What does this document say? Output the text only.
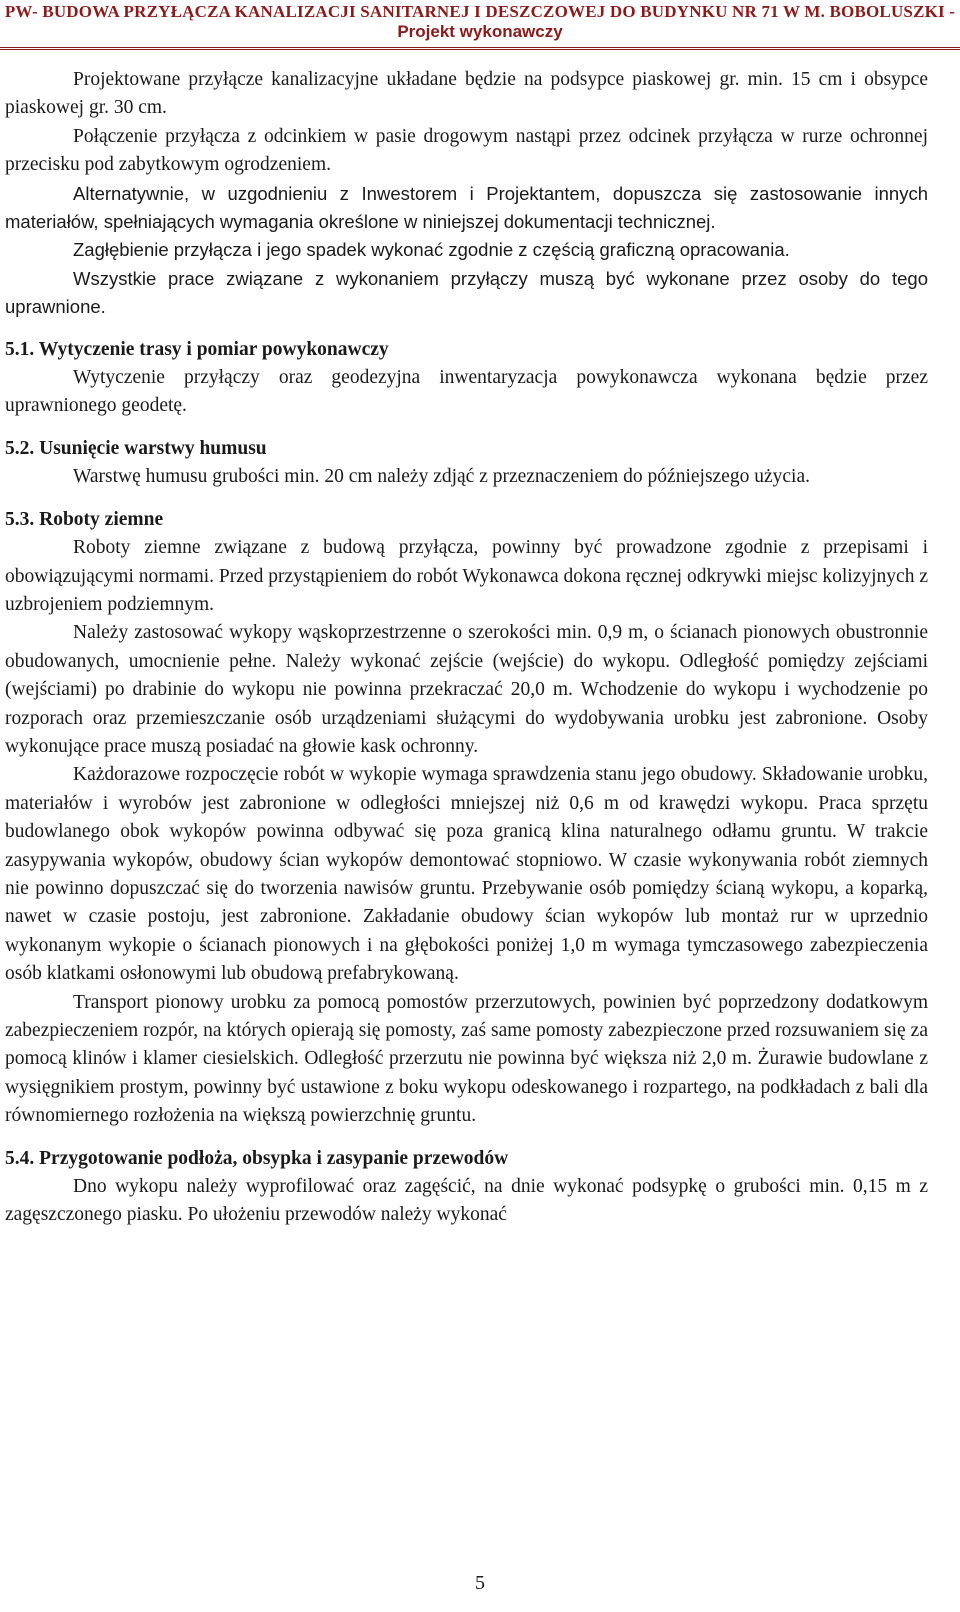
PW- BUDOWA PRZYŁĄCZA KANALIZACJI SANITARNEJ I DESZCZOWEJ DO BUDYNKU NR 71 W M. BOBOLUSZKI -
Projekt wykonawczy

Projektowane przyłącze kanalizacyjne układane będzie na podsypce piaskowej gr. min. 15 cm i obsypce piaskowej gr. 30 cm.

Połączenie przyłącza z odcinkiem w pasie drogowym nastąpi przez odcinek przyłącza w rurze ochronnej przecisku pod zabytkowym ogrodzeniem.

Alternatywnie, w uzgodnieniu z Inwestorem i Projektantem, dopuszcza się zastosowanie innych materiałów, spełniających wymagania określone w niniejszej dokumentacji technicznej.

Zagłębienie przyłącza i jego spadek wykonać zgodnie z częścią graficzną opracowania.

Wszystkie prace związane z wykonaniem przyłączy muszą być wykonane przez osoby do tego uprawnione.

5.1. Wytyczenie trasy i pomiar powykonawczy

Wytyczenie przyłączy oraz geodezyjna inwentaryzacja powykonawcza wykonana będzie przez uprawnionego geodetę.

5.2. Usunięcie warstwy humusu

Warstwę humusu grubości min. 20 cm należy zdjąć z przeznaczeniem do późniejszego użycia.

5.3. Roboty ziemne

Roboty ziemne związane z budową przyłącza, powinny być prowadzone zgodnie z przepisami i obowiązującymi normami. Przed przystąpieniem do robót Wykonawca dokona ręcznej odkrywki miejsc kolizyjnych z uzbrojeniem podziemnym.

Należy zastosować wykopy wąskoprzestrzenne o szerokości min. 0,9 m, o ścianach pionowych obustronnie obudowanych, umocnienie pełne. Należy wykonać zejście (wejście) do wykopu. Odległość pomiędzy zejściami (wejściami) po drabinie do wykopu nie powinna przekraczać 20,0 m. Wchodzenie do wykopu i wychodzenie po rozporach oraz przemieszczanie osób urządzeniami służącymi do wydobywania urobku jest zabronione. Osoby wykonujące prace muszą posiadać na głowie kask ochronny.

Każdorazowe rozpoczęcie robót w wykopie wymaga sprawdzenia stanu jego obudowy. Składowanie urobku, materiałów i wyrobów jest zabronione w odległości mniejszej niż 0,6 m od krawędzi wykopu. Praca sprzętu budowlanego obok wykopów powinna odbywać się poza granicą klina naturalnego odłamu gruntu. W trakcie zasypywania wykopów, obudowy ścian wykopów demontować stopniowo. W czasie wykonywania robót ziemnych nie powinno dopuszczać się do tworzenia nawisów gruntu. Przebywanie osób pomiędzy ścianą wykopu, a koparką, nawet w czasie postoju, jest zabronione. Zakładanie obudowy ścian wykopów lub montaż rur w uprzednio wykonanym wykopie o ścianach pionowych i na głębokości poniżej 1,0 m wymaga tymczasowego zabezpieczenia osób klatkami osłonowymi lub obudową prefabrykowaną.

Transport pionowy urobku za pomocą pomostów przerzutowych, powinien być poprzedzony dodatkowym zabezpieczeniem rozpór, na których opierają się pomosty, zaś same pomosty zabezpieczone przed rozsuwaniem się za pomocą klinów i klamer ciesielskich. Odległość przerzutu nie powinna być większa niż 2,0 m. Żurawie budowlane z wysięgnikiem prostym, powinny być ustawione z boku wykopu odeskowanego i rozpartego, na podkładach z bali dla równomiernego rozłożenia na większą powierzchnię gruntu.

5.4. Przygotowanie podłoża, obsypka i zasypanie przewodów

Dno wykopu należy wyprofilować oraz zagęścić, na dnie wykonać podsypkę o grubości min. 0,15 m z zagęszczonego piasku. Po ułożeniu przewodów należy wykonać

5
